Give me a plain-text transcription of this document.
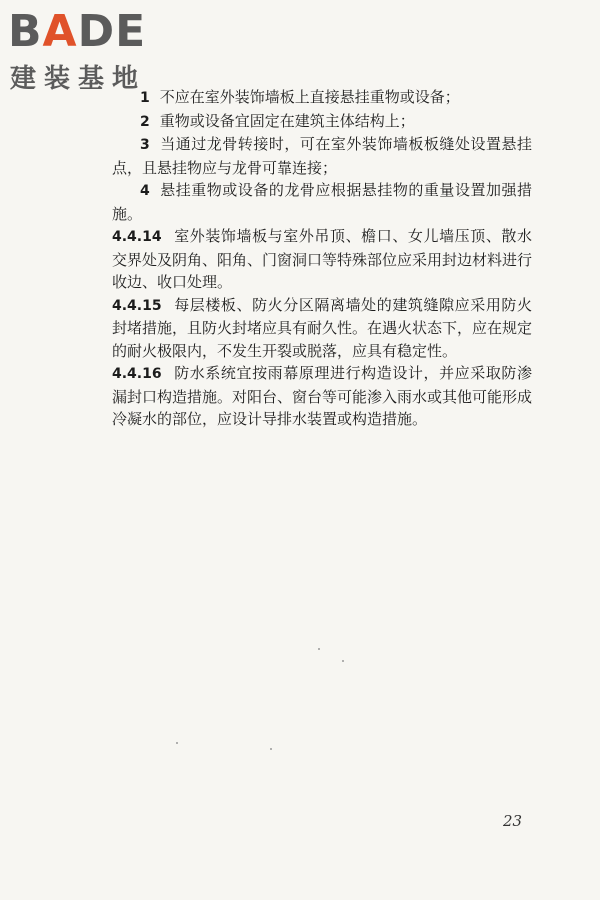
BADE
建装基地

1 不应在室外装饰墙板上直接悬挂重物或设备；

2 重物或设备宜固定在建筑主体结构上；

3 当通过龙骨转接时，可在室外装饰墙板板缝处设置悬挂点，且悬挂物应与龙骨可靠连接；

4 悬挂重物或设备的龙骨应根据悬挂物的重量设置加强措施。

4.4.14 室外装饰墙板与室外吊顶、檐口、女儿墙压顶、散水交界处及阴角、阳角、门窗洞口等特殊部位应采用封边材料进行收边、收口处理。

4.4.15 每层楼板、防火分区隔离墙处的建筑缝隙应采用防火封堵措施，且防火封堵应具有耐久性。在遇火状态下，应在规定的耐火极限内，不发生开裂或脱落，应具有稳定性。

4.4.16 防水系统宜按雨幕原理进行构造设计，并应采取防渗漏封口构造措施。对阳台、窗台等可能渗入雨水或其他可能形成冷凝水的部位，应设计导排水装置或构造措施。

23
